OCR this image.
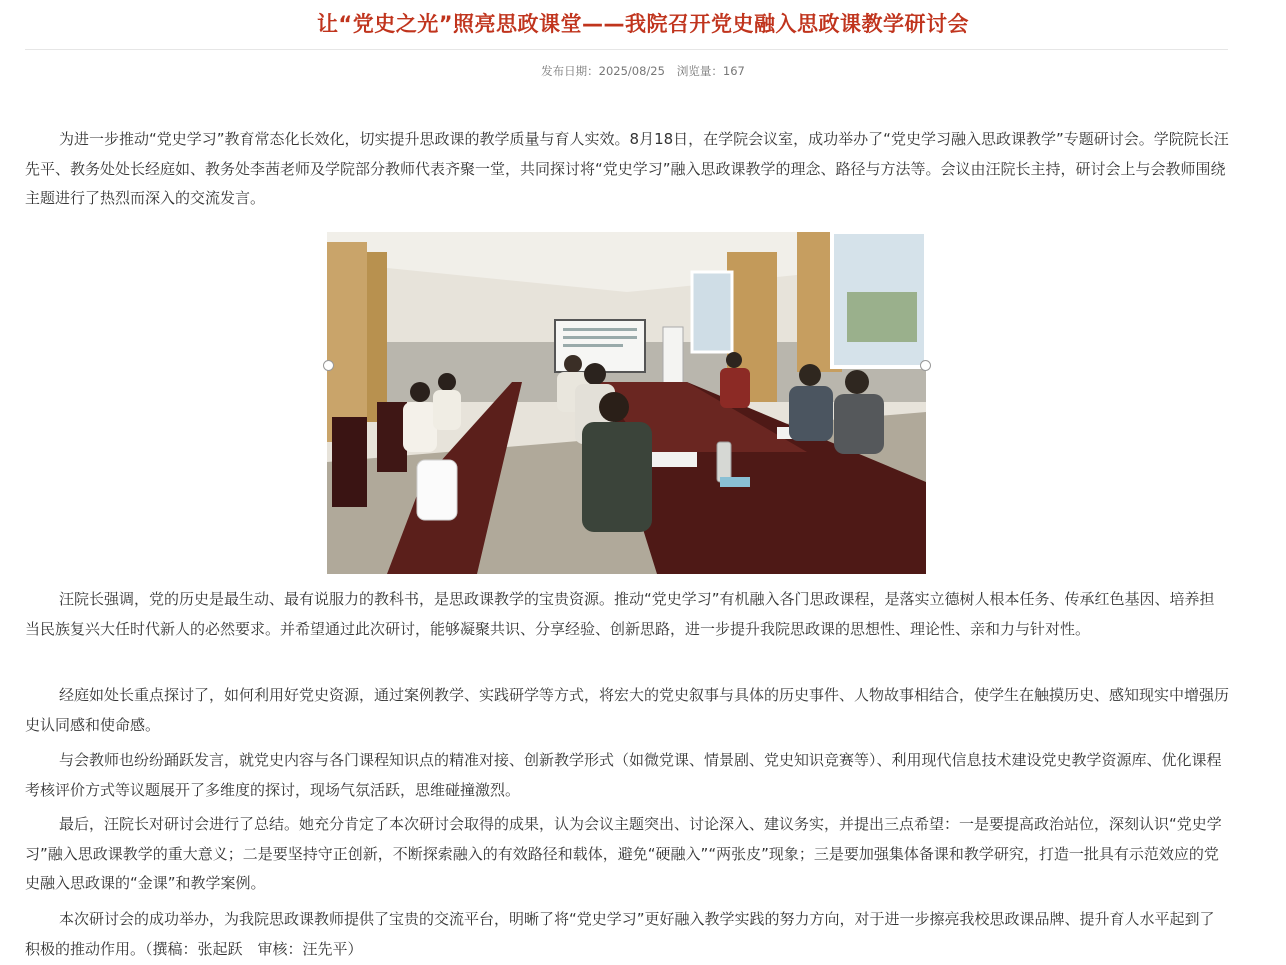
让“党史之光”照亮思政课堂——我院召开党史融入思政课教学研讨会
发布日期：2025/08/25 浏览量：167

为进一步推动“党史学习”教育常态化长效化，切实提升思政课的教学质量与育人实效。8月18日，在学院会议室，成功举办了“党史学习融入思政课教学”专题研讨会。学院院长汪先平、教务处处长经庭如、教务处李茜老师及学院部分教师代表齐聚一堂，共同探讨将“党史学习”融入思政课教学的理念、路径与方法等。会议由汪院长主持，研讨会上与会教师围绕主题进行了热烈而深入的交流发言。

汪院长强调，党的历史是最生动、最有说服力的教科书，是思政课教学的宝贵资源。推动“党史学习”有机融入各门思政课程，是落实立德树人根本任务、传承红色基因、培养担当民族复兴大任时代新人的必然要求。并希望通过此次研讨，能够凝聚共识、分享经验、创新思路，进一步提升我院思政课的思想性、理论性、亲和力与针对性。

经庭如处长重点探讨了，如何利用好党史资源，通过案例教学、实践研学等方式，将宏大的党史叙事与具体的历史事件、人物故事相结合，使学生在触摸历史、感知现实中增强历史认同感和使命感。

与会教师也纷纷踊跃发言，就党史内容与各门课程知识点的精准对接、创新教学形式（如微党课、情景剧、党史知识竞赛等）、利用现代信息技术建设党史教学资源库、优化课程考核评价方式等议题展开了多维度的探讨，现场气氛活跃，思维碰撞激烈。

最后，汪院长对研讨会进行了总结。她充分肯定了本次研讨会取得的成果，认为会议主题突出、讨论深入、建议务实，并提出三点希望：一是要提高政治站位，深刻认识“党史学习”融入思政课教学的重大意义；二是要坚持守正创新，不断探索融入的有效路径和载体，避免“硬融入”“两张皮”现象；三是要加强集体备课和教学研究，打造一批具有示范效应的党史融入思政课的“金课”和教学案例。

本次研讨会的成功举办，为我院思政课教师提供了宝贵的交流平台，明晰了将“党史学习”更好融入教学实践的努力方向，对于进一步擦亮我校思政课品牌、提升育人水平起到了积极的推动作用。（撰稿：张起跃　审核：汪先平）
